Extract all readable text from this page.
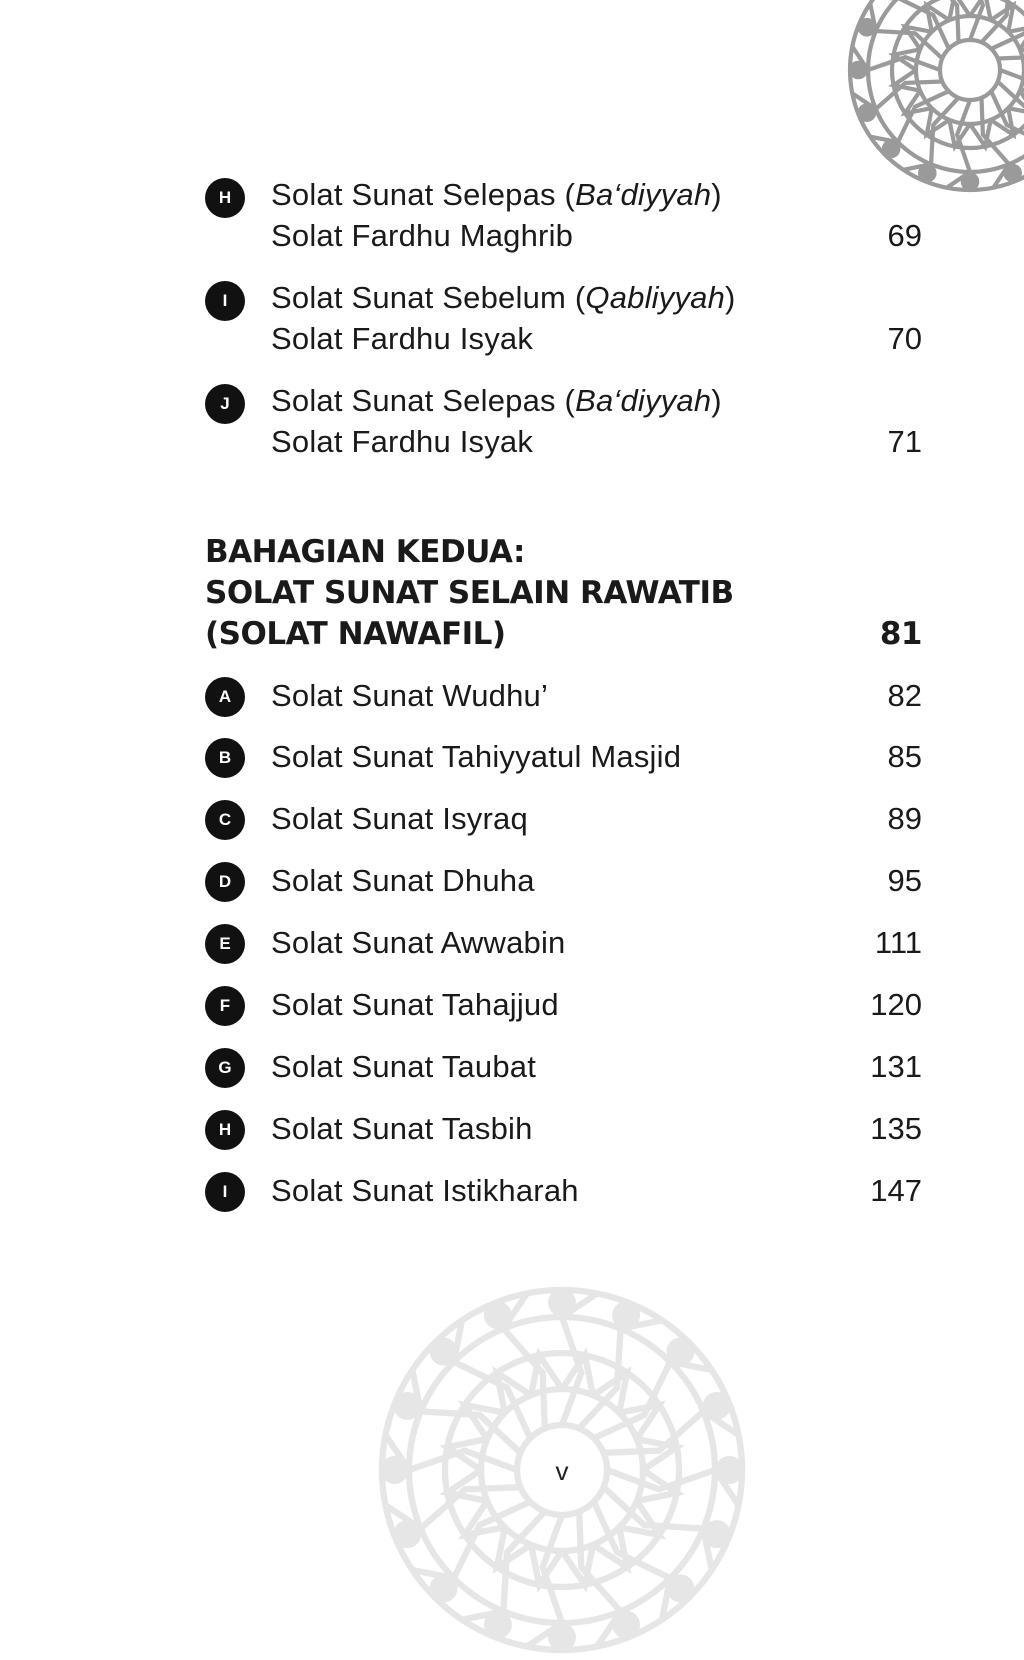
H	Solat Sunat Selepas (Ba‘diyyah)
Solat Fardhu Maghrib	69
I	Solat Sunat Sebelum (Qabliyyah)
Solat Fardhu Isyak	70
J	Solat Sunat Selepas (Ba‘diyyah)
Solat Fardhu Isyak	71
BAHAGIAN KEDUA:
SOLAT SUNAT SELAIN RAWATIB
(SOLAT NAWAFIL)	81
A	Solat Sunat Wudhu’	82
B	Solat Sunat Tahiyyatul Masjid	85
C	Solat Sunat Isyraq	89
D	Solat Sunat Dhuha	95
E	Solat Sunat Awwabin	111
F	Solat Sunat Tahajjud	120
G	Solat Sunat Taubat	131
H	Solat Sunat Tasbih	135
I	Solat Sunat Istikharah	147
v
